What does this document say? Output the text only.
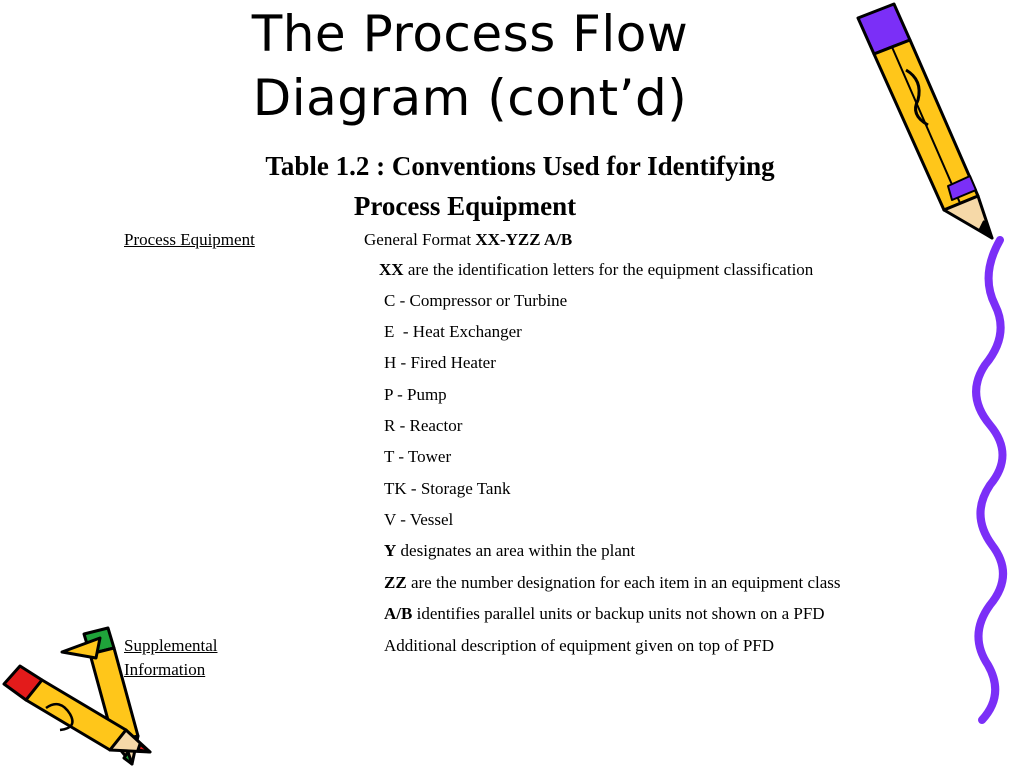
The Process Flow
Diagram (cont’d)
Table 1.2 : Conventions Used for Identifying
Process Equipment
Process Equipment	General Format XX-YZZ A/B
XX are the identification letters for the equipment classification
C - Compressor or Turbine
E  - Heat Exchanger
H - Fired Heater
P - Pump
R - Reactor
T - Tower
TK - Storage Tank
V - Vessel
Y designates an area within the plant
ZZ are the number designation for each item in an equipment class
A/B identifies parallel units or backup units not shown on a PFD
Supplemental
Information
Additional description of equipment given on top of PFD
